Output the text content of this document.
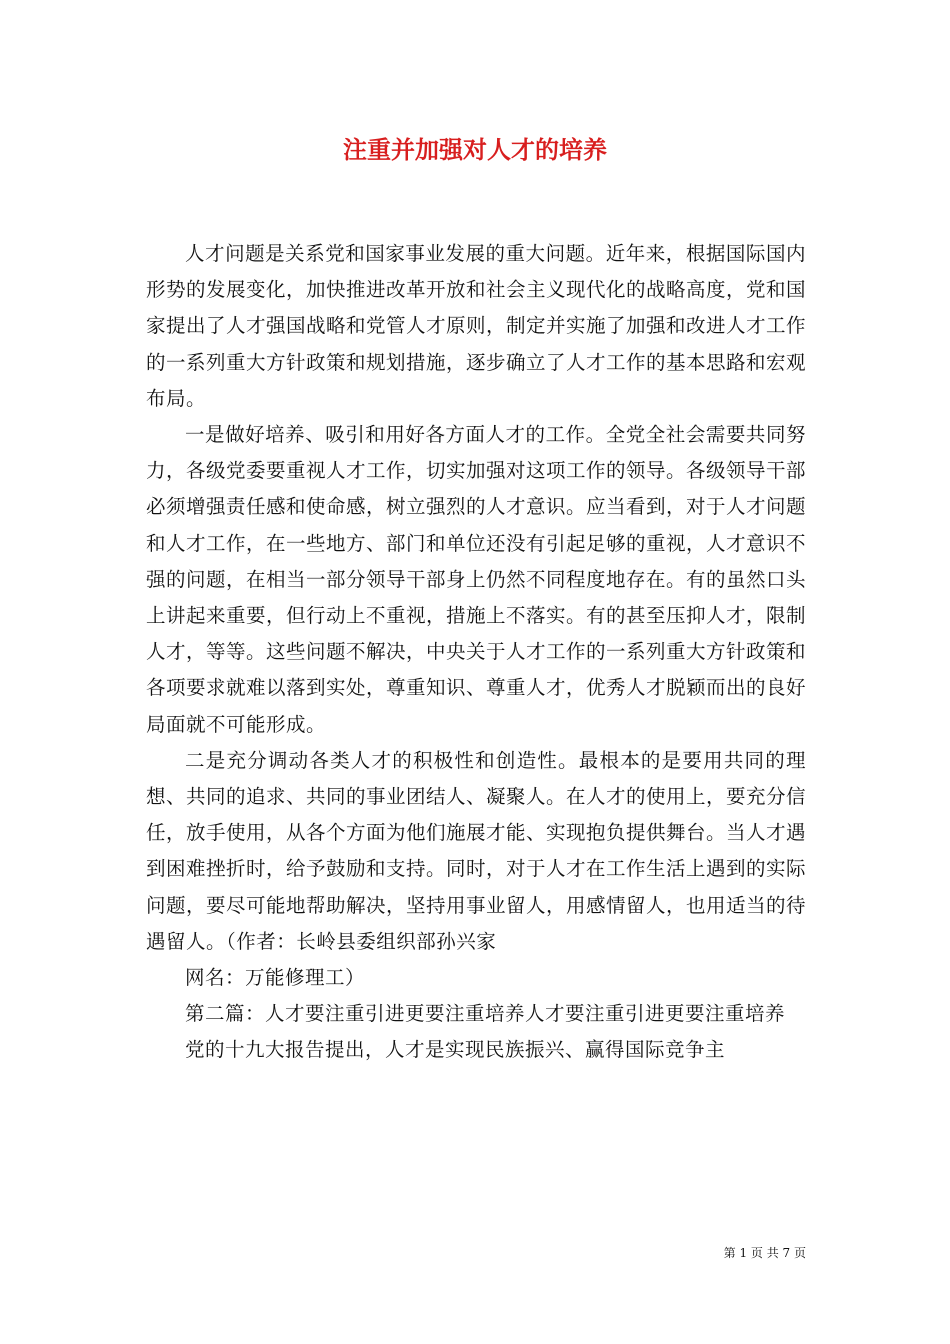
注重并加强对人才的培养

人才问题是关系党和国家事业发展的重大问题。近年来，根据国际国内形势的发展变化，加快推进改革开放和社会主义现代化的战略高度，党和国家提出了人才强国战略和党管人才原则，制定并实施了加强和改进人才工作的一系列重大方针政策和规划措施，逐步确立了人才工作的基本思路和宏观布局。

一是做好培养、吸引和用好各方面人才的工作。全党全社会需要共同努力，各级党委要重视人才工作，切实加强对这项工作的领导。各级领导干部必须增强责任感和使命感，树立强烈的人才意识。应当看到，对于人才问题和人才工作，在一些地方、部门和单位还没有引起足够的重视，人才意识不强的问题，在相当一部分领导干部身上仍然不同程度地存在。有的虽然口头上讲起来重要，但行动上不重视，措施上不落实。有的甚至压抑人才，限制人才，等等。这些问题不解决，中央关于人才工作的一系列重大方针政策和各项要求就难以落到实处，尊重知识、尊重人才，优秀人才脱颖而出的良好局面就不可能形成。

二是充分调动各类人才的积极性和创造性。最根本的是要用共同的理想、共同的追求、共同的事业团结人、凝聚人。在人才的使用上，要充分信任，放手使用，从各个方面为他们施展才能、实现抱负提供舞台。当人才遇到困难挫折时，给予鼓励和支持。同时，对于人才在工作生活上遇到的实际问题，要尽可能地帮助解决，坚持用事业留人，用感情留人，也用适当的待遇留人。（作者：长岭县委组织部孙兴家

网名：万能修理工）

第二篇：人才要注重引进更要注重培养人才要注重引进更要注重培养

党的十九大报告提出，人才是实现民族振兴、赢得国际竞争主

第 1 页 共 7 页
